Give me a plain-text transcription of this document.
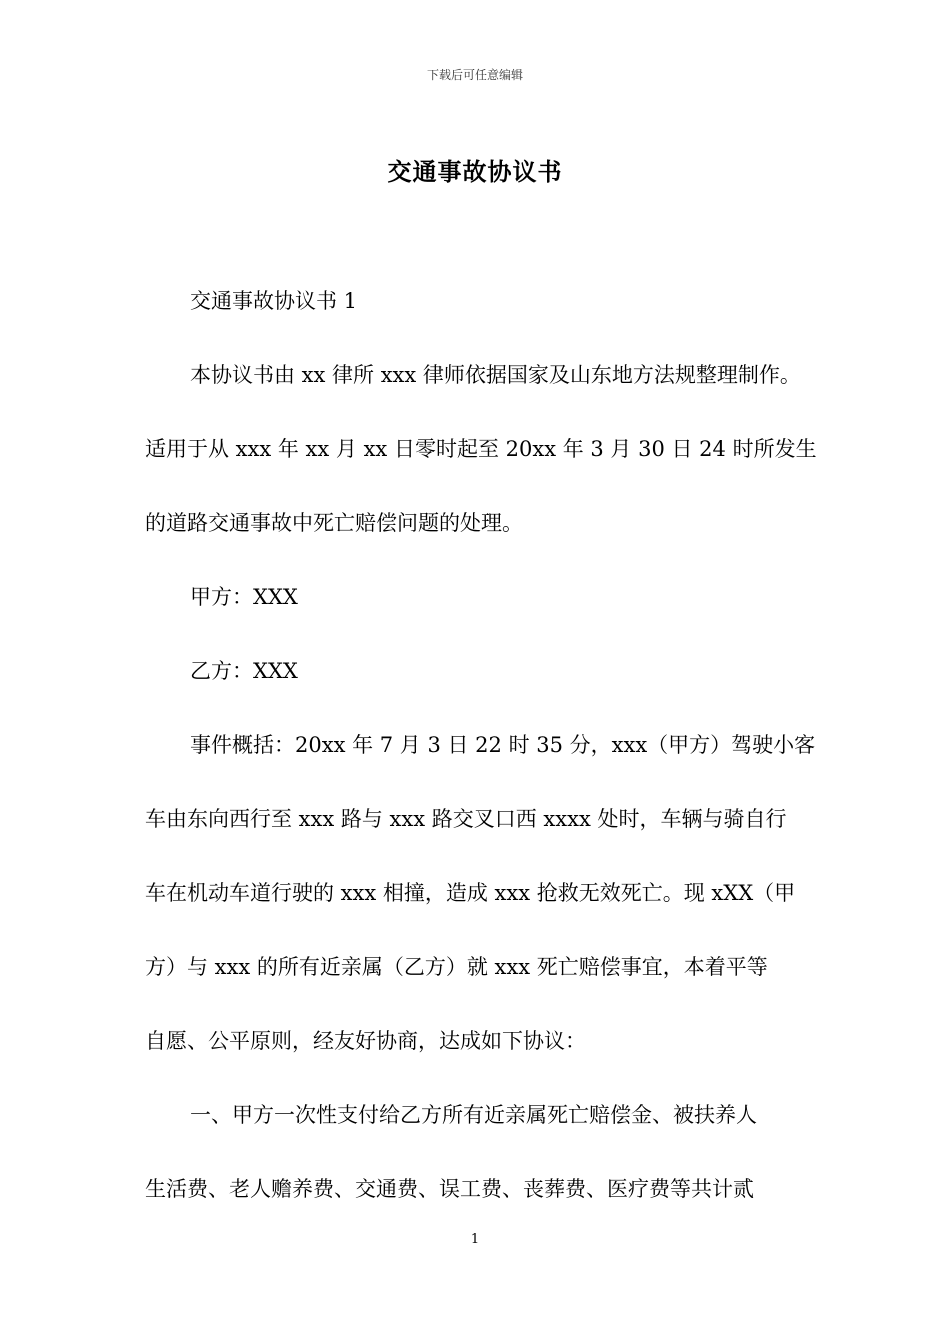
下载后可任意编辑
交通事故协议书
交通事故协议书 1
本协议书由 xx 律所 xxx 律师依据国家及山东地方法规整理制作。
适用于从 xxx 年 xx 月 xx 日零时起至 20xx 年 3 月 30 日 24 时所发生
的道路交通事故中死亡赔偿问题的处理。
甲方：XXX
乙方：XXX
事件概括：20xx 年 7 月 3 日 22 时 35 分，xxx（甲方）驾驶小客
车由东向西行至 xxx 路与 xxx 路交叉口西 xxxx 处时，车辆与骑自行
车在机动车道行驶的 xxx 相撞，造成 xxx 抢救无效死亡。现 xXX（甲
方）与 xxx 的所有近亲属（乙方）就 xxx 死亡赔偿事宜，本着平等
自愿、公平原则，经友好协商，达成如下协议：
一、甲方一次性支付给乙方所有近亲属死亡赔偿金、被扶养人
生活费、老人赡养费、交通费、误工费、丧葬费、医疗费等共计贰
1
